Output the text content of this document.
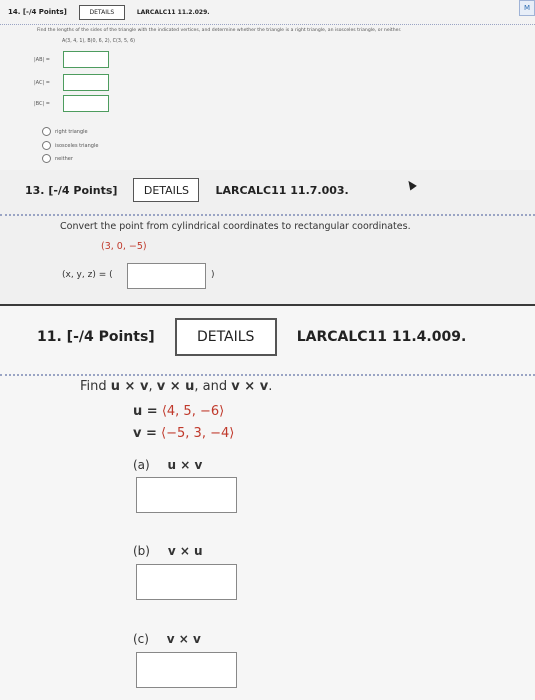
14. [-/4 Points]	DETAILS	LARCALC11 11.2.029.	M
Find the lengths of the sides of the triangle with the indicated vertices, and determine whether the triangle is a right triangle, an isosceles triangle, or neither.
A(3, 4, 1), B(0, 6, 2), C(3, 5, 6)
|AB| =
|AC| =
|BC| =
right triangle
isosceles triangle
neither
13. [-/4 Points]	DETAILS	LARCALC11 11.7.003.
Convert the point from cylindrical coordinates to rectangular coordinates.
(3, 0, −5)
(x, y, z) = (	)
11. [-/4 Points]	DETAILS	LARCALC11 11.4.009.
Find u × v, v × u, and v × v.
u = ⟨4, 5, −6⟩
v = ⟨−5, 3, −4⟩
(a) u × v
(b) v × u
(c) v × v
